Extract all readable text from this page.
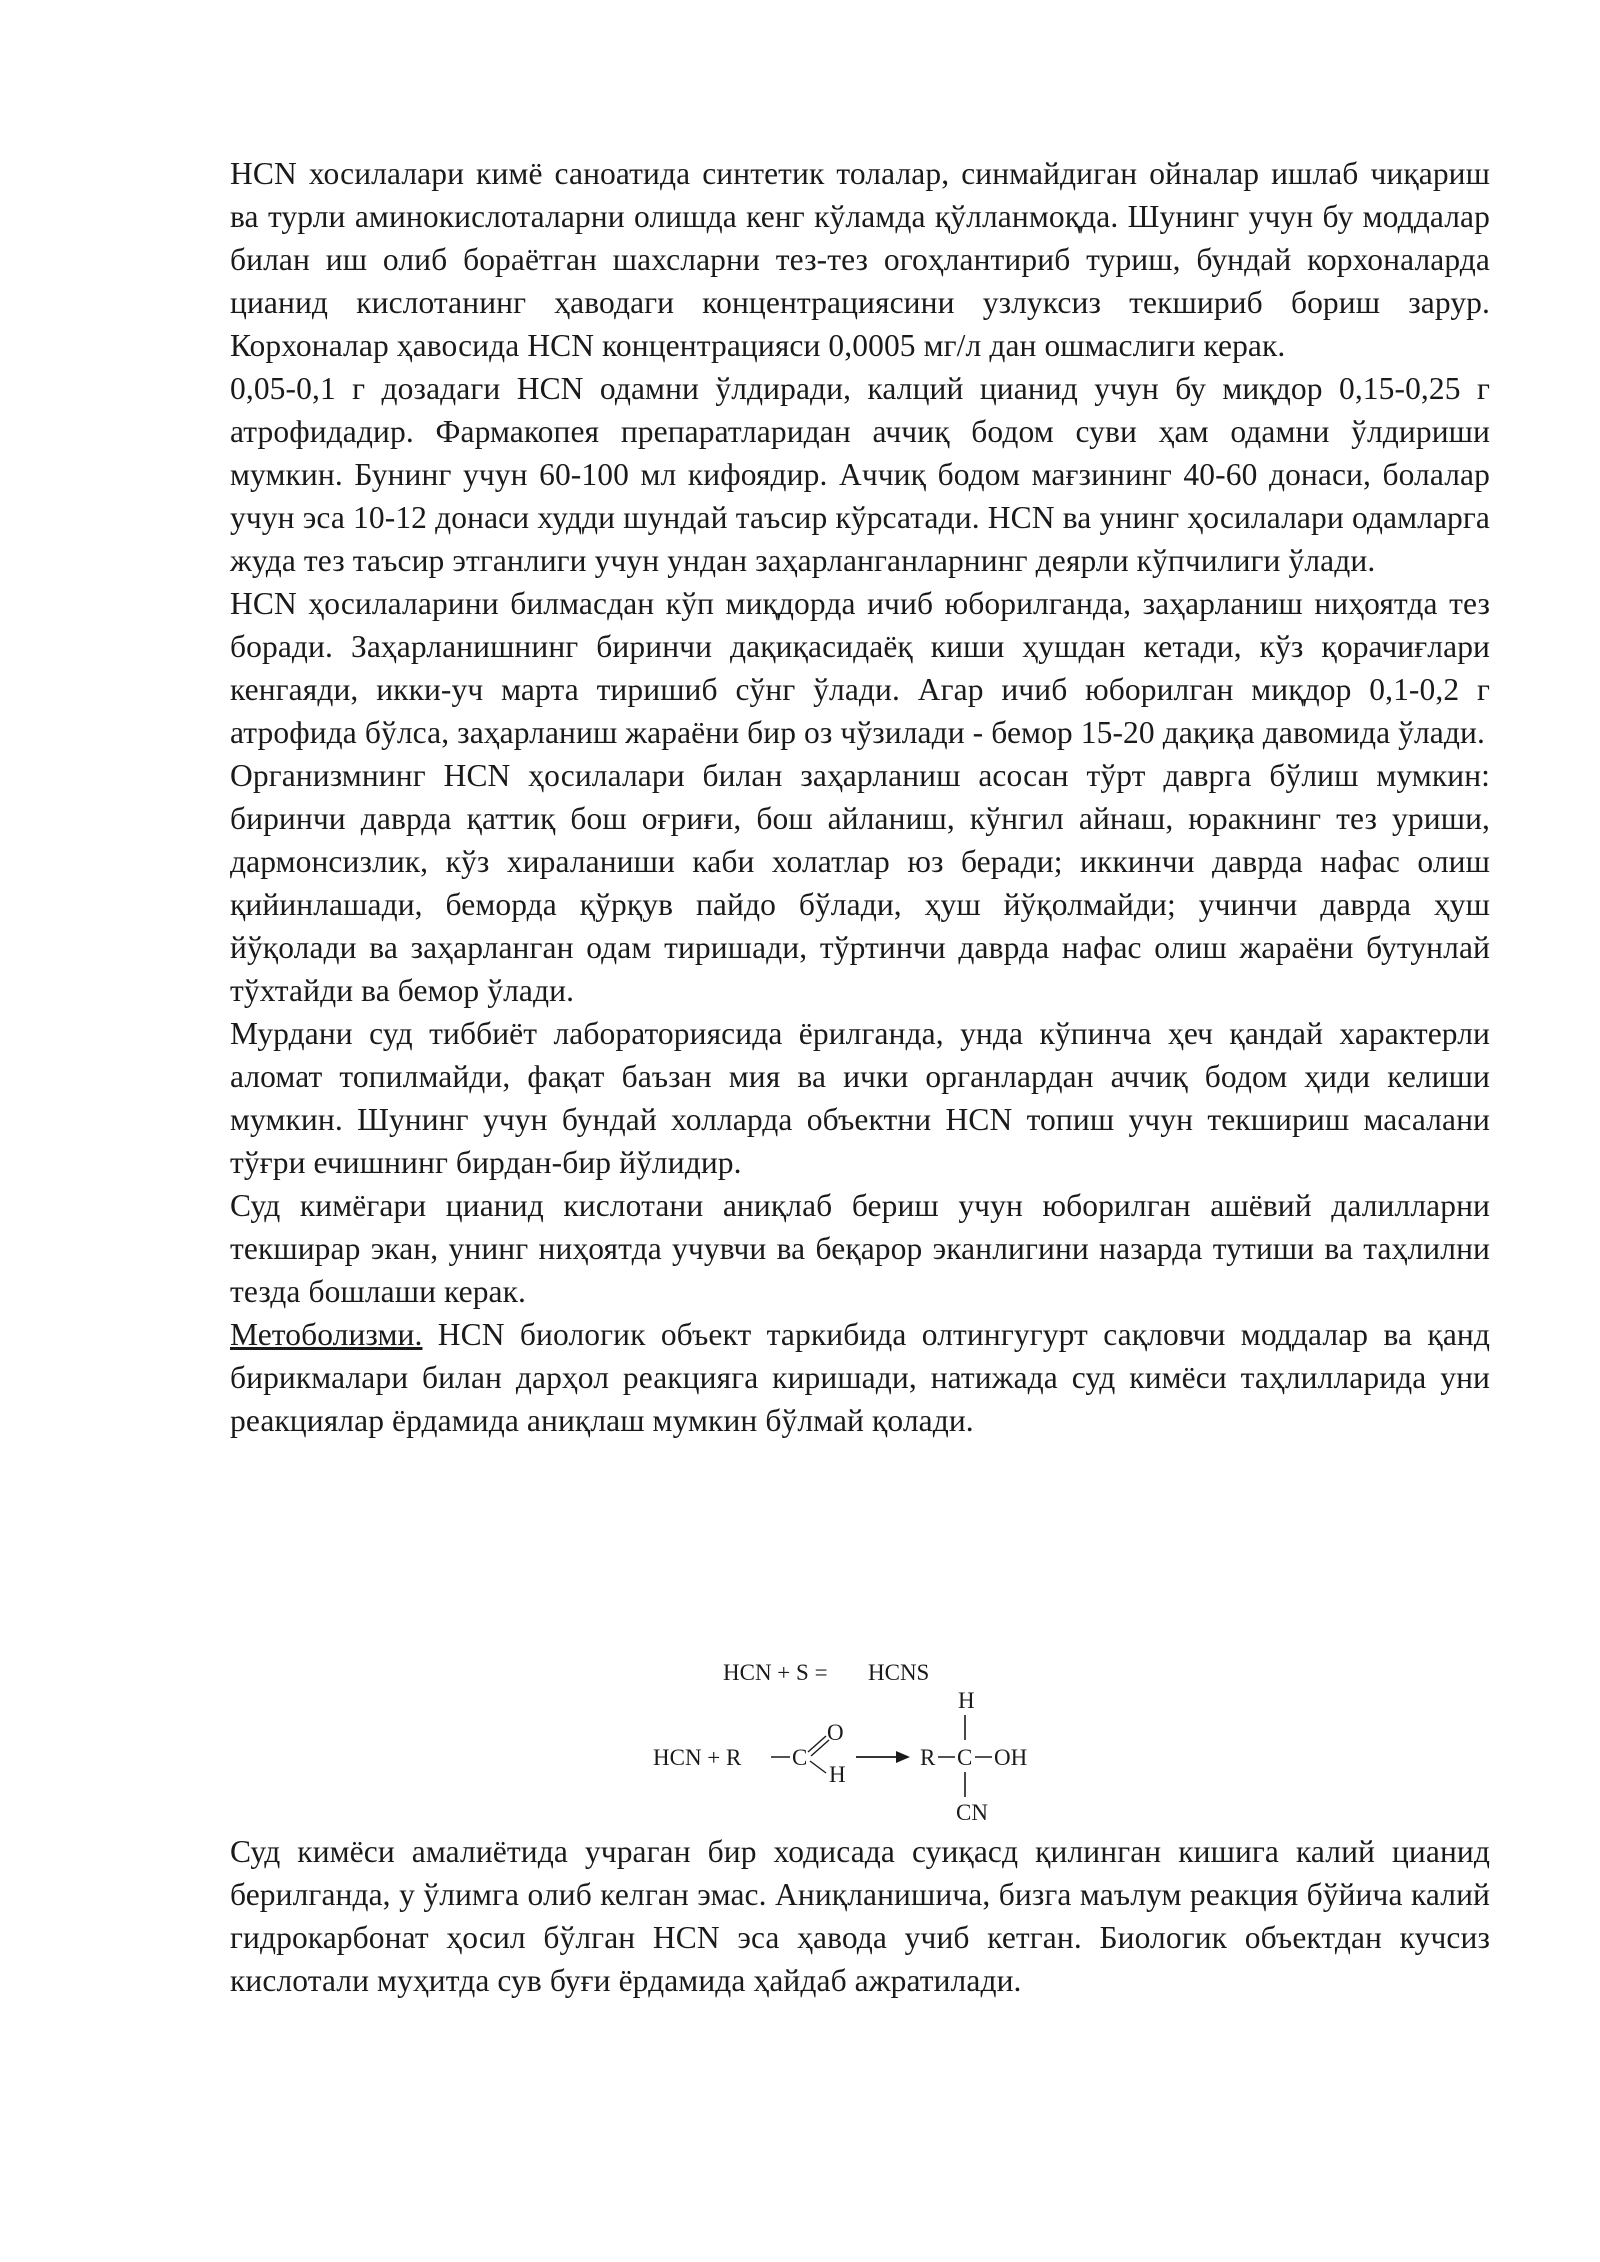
HCN хосилалари кимё саноатида синтетик толалар, синмайдиган ойналар ишлаб чиқариш ва турли аминокислоталарни олишда кенг кўламда қўлланмоқда. Шунинг учун бу моддалар билан иш олиб бораётган шахсларни тез-тез огоҳлантириб туриш, бундай корхоналарда цианид кислотанинг ҳаводаги концентрациясини узлуксиз текшириб бориш зарур. Корхоналар ҳавосида HCN концентрацияси 0,0005 мг/л дан ошмаслиги керак.

0,05-0,1 г дозадаги HCN одамни ўлдиради, калций цианид учун бу миқдор 0,15-0,25 г атрофидадир. Фармакопея препаратларидан аччиқ бодом суви ҳам одамни ўлдириши мумкин. Бунинг учун 60-100 мл кифоядир. Аччиқ бодом мағзининг 40-60 донаси, болалар учун эса 10-12 донаси худди шундай таъсир кўрсатади. HCN ва унинг ҳосилалари одамларга жуда тез таъсир этганлиги учун ундан заҳарланганларнинг деярли кўпчилиги ўлади.

HCN ҳосилаларини билмасдан кўп миқдорда ичиб юборилганда, заҳарланиш ниҳоятда тез боради. Заҳарланишнинг биринчи дақиқасидаёқ киши ҳушдан кетади, кўз қорачиғлари кенгаяди, икки-уч марта тиришиб сўнг ўлади. Агар ичиб юборилган миқдор 0,1-0,2 г атрофида бўлса, заҳарланиш жараёни бир оз чўзилади - бемор 15-20 дақиқа давомида ўлади.

Организмнинг HCN ҳосилалари билан заҳарланиш асосан тўрт даврга бўлиш мумкин: биринчи даврда қаттиқ бош оғриғи, бош айланиш, кўнгил айнаш, юракнинг тез уриши, дармонсизлик, кўз хираланиши каби холатлар юз беради; иккинчи даврда нафас олиш қийинлашади, беморда қўрқув пайдо бўлади, ҳуш йўқолмайди; учинчи даврда ҳуш йўқолади ва заҳарланган одам тиришади, тўртинчи даврда нафас олиш жараёни бутунлай тўхтайди ва бемор ўлади.

Мурдани суд тиббиёт лабораториясида ёрилганда, унда кўпинча ҳеч қандай характерли аломат топилмайди, фақат баъзан мия ва ички органлардан аччиқ бодом ҳиди келиши мумкин. Шунинг учун бундай холларда объектни HCN топиш учун текшириш масалани тўғри ечишнинг бирдан-бир йўлидир.

Суд кимёгари цианид кислотани аниқлаб бериш учун юборилган ашёвий далилларни текширар экан, унинг ниҳоятда учувчи ва беқарор эканлигини назарда тутиши ва таҳлилни тезда бошлаши керак.

Метоболизми. HCN биологик объект таркибида олтингугурт сақловчи моддалар ва қанд бирикмалари билан дарҳол реакцияга киришади, натижада суд кимёси таҳлилларида уни реакциялар ёрдамида аниқлаш мумкин бўлмай қолади.

HCN + S = HCNS
HCN + R C
O
H
R C OH
H
CN

Суд кимёси амалиётида учраган бир ходисада суиқасд қилинган кишига калий цианид берилганда, у ўлимга олиб келган эмас. Аниқланишича, бизга маълум реакция бўйича калий гидрокарбонат ҳосил бўлган HCN эса ҳавода учиб кетган. Биологик объектдан кучсиз кислотали муҳитда сув буғи ёрдамида ҳайдаб ажратилади.
